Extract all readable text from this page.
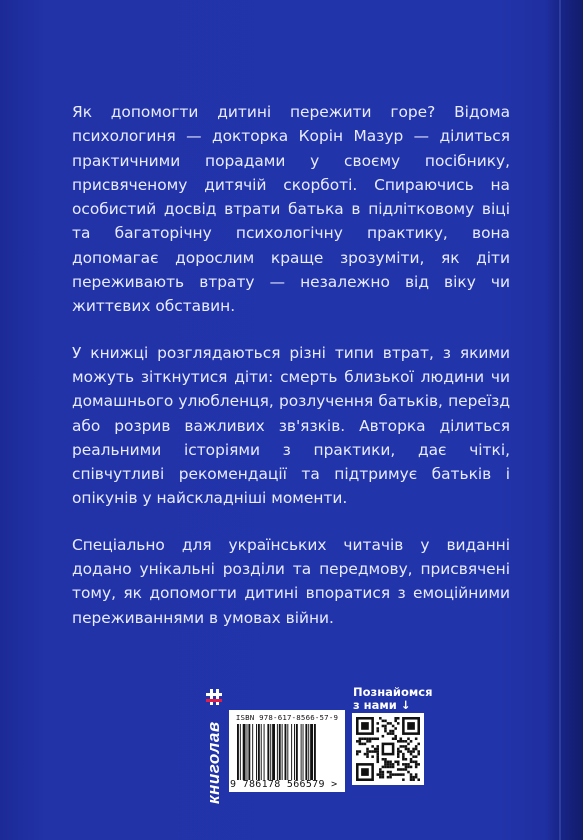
Як допомогти дитині пережити горе? Відома психологиня — докторка Корін Мазур — ділиться практичними порадами у своєму посібнику, присвяченому дитячій скорботі. Спираючись на особистий досвід втрати батька в підлітковому віці та багаторічну психологічну практику, вона допомагає дорослим краще зрозуміти, як діти переживають втрату — незалежно від віку чи життєвих обставин.

У книжці розглядаються різні типи втрат, з якими можуть зіткнутися діти: смерть близької людини чи домашнього улюбленця, розлучення батьків, переїзд або розрив важливих зв'язків. Авторка ділиться реальними історіями з практики, дає чіткі, співчутливі рекомендації та підтримує батьків і опікунів у найскладніші моменти.

Спеціально для українських читачів у виданні додано унікальні розділи та передмову, присвячені тому, як допомогти дитині впоратися з емоційними переживаннями в умовах війни.

книголав
ISBN 978-617-8566-57-9
9 786178 566579 >
Познайомся
з нами ↓
